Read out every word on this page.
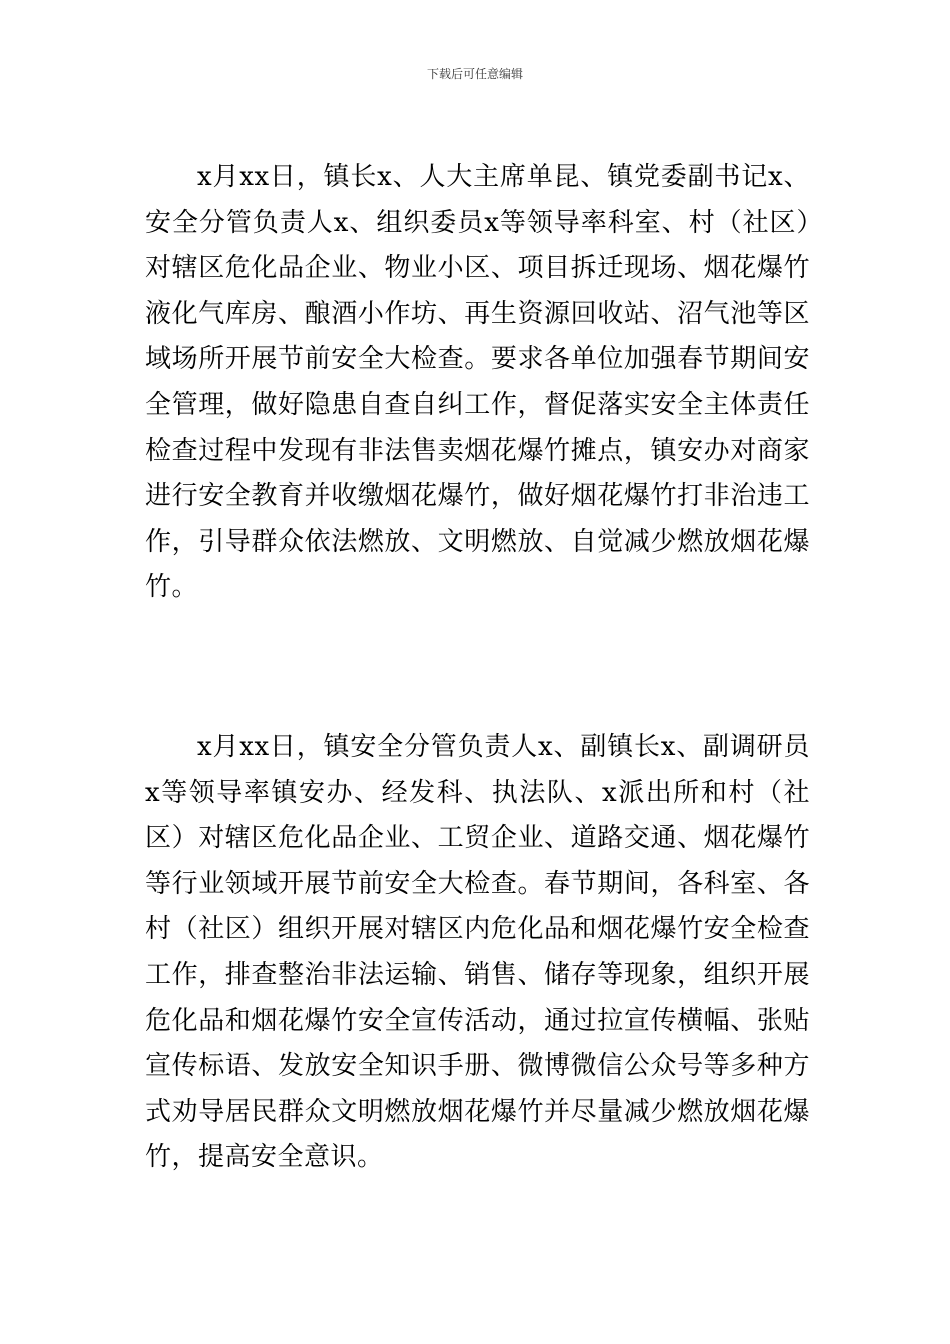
下载后可任意编辑

x月xx日，镇长x、人大主席单昆、镇党委副书记x、安全分管负责人x、组织委员x等领导率科室、村（社区）对辖区危化品企业、物业小区、项目拆迁现场、烟花爆竹液化气库房、酿酒小作坊、再生资源回收站、沼气池等区域场所开展节前安全大检查。要求各单位加强春节期间安全管理，做好隐患自查自纠工作，督促落实安全主体责任检查过程中发现有非法售卖烟花爆竹摊点，镇安办对商家进行安全教育并收缴烟花爆竹，做好烟花爆竹打非治违工作，引导群众依法燃放、文明燃放、自觉减少燃放烟花爆竹。

x月xx日，镇安全分管负责人x、副镇长x、副调研员x等领导率镇安办、经发科、执法队、x派出所和村（社区）对辖区危化品企业、工贸企业、道路交通、烟花爆竹等行业领域开展节前安全大检查。春节期间，各科室、各村（社区）组织开展对辖区内危化品和烟花爆竹安全检查工作，排查整治非法运输、销售、储存等现象，组织开展危化品和烟花爆竹安全宣传活动，通过拉宣传横幅、张贴宣传标语、发放安全知识手册、微博微信公众号等多种方式劝导居民群众文明燃放烟花爆竹并尽量减少燃放烟花爆竹，提高安全意识。
